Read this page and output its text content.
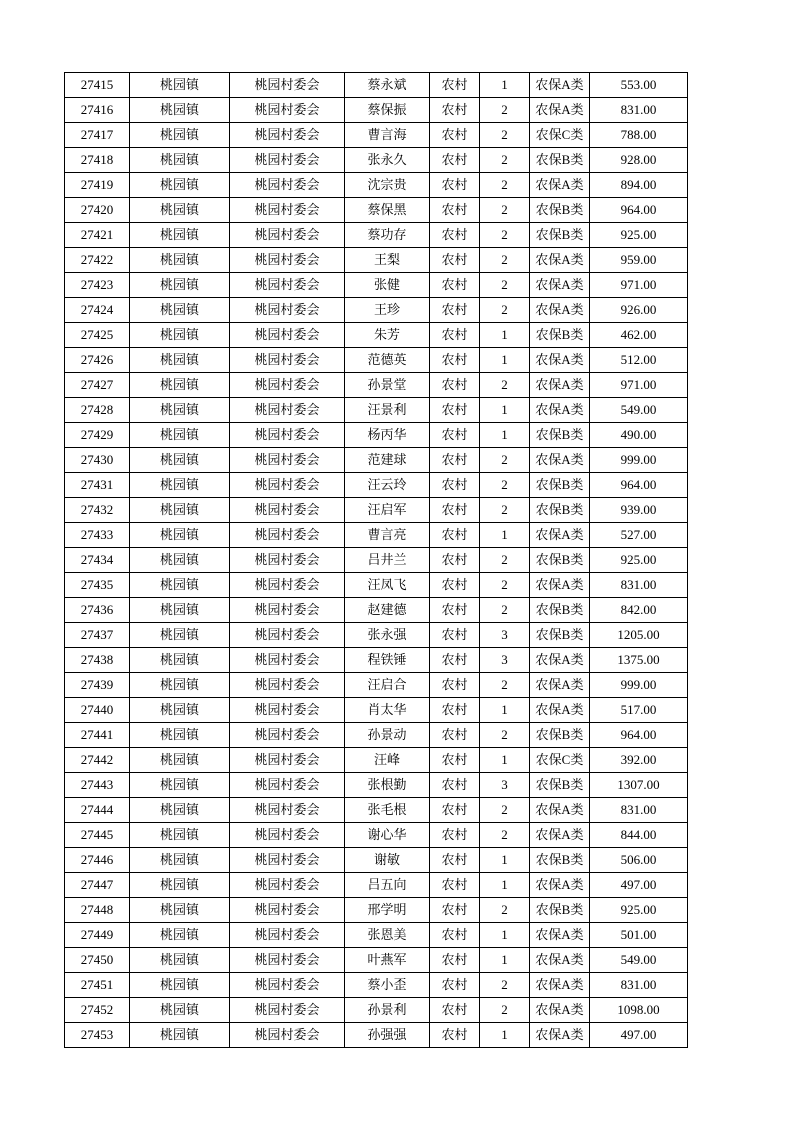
27415	桃园镇	桃园村委会	蔡永斌	农村	1	农保A类	553.00
27416	桃园镇	桃园村委会	蔡保振	农村	2	农保A类	831.00
27417	桃园镇	桃园村委会	曹言海	农村	2	农保C类	788.00
27418	桃园镇	桃园村委会	张永久	农村	2	农保B类	928.00
27419	桃园镇	桃园村委会	沈宗贵	农村	2	农保A类	894.00
27420	桃园镇	桃园村委会	蔡保黑	农村	2	农保B类	964.00
27421	桃园镇	桃园村委会	蔡功存	农村	2	农保B类	925.00
27422	桃园镇	桃园村委会	王梨	农村	2	农保A类	959.00
27423	桃园镇	桃园村委会	张健	农村	2	农保A类	971.00
27424	桃园镇	桃园村委会	王珍	农村	2	农保A类	926.00
27425	桃园镇	桃园村委会	朱芳	农村	1	农保B类	462.00
27426	桃园镇	桃园村委会	范德英	农村	1	农保A类	512.00
27427	桃园镇	桃园村委会	孙景堂	农村	2	农保A类	971.00
27428	桃园镇	桃园村委会	汪景利	农村	1	农保A类	549.00
27429	桃园镇	桃园村委会	杨丙华	农村	1	农保B类	490.00
27430	桃园镇	桃园村委会	范建球	农村	2	农保A类	999.00
27431	桃园镇	桃园村委会	汪云玲	农村	2	农保B类	964.00
27432	桃园镇	桃园村委会	汪启军	农村	2	农保B类	939.00
27433	桃园镇	桃园村委会	曹言亮	农村	1	农保A类	527.00
27434	桃园镇	桃园村委会	吕井兰	农村	2	农保B类	925.00
27435	桃园镇	桃园村委会	汪凤飞	农村	2	农保A类	831.00
27436	桃园镇	桃园村委会	赵建德	农村	2	农保B类	842.00
27437	桃园镇	桃园村委会	张永强	农村	3	农保B类	1205.00
27438	桃园镇	桃园村委会	程铁锤	农村	3	农保A类	1375.00
27439	桃园镇	桃园村委会	汪启合	农村	2	农保A类	999.00
27440	桃园镇	桃园村委会	肖太华	农村	1	农保A类	517.00
27441	桃园镇	桃园村委会	孙景动	农村	2	农保B类	964.00
27442	桃园镇	桃园村委会	汪峰	农村	1	农保C类	392.00
27443	桃园镇	桃园村委会	张根勤	农村	3	农保B类	1307.00
27444	桃园镇	桃园村委会	张毛根	农村	2	农保A类	831.00
27445	桃园镇	桃园村委会	谢心华	农村	2	农保A类	844.00
27446	桃园镇	桃园村委会	谢敏	农村	1	农保B类	506.00
27447	桃园镇	桃园村委会	吕五向	农村	1	农保A类	497.00
27448	桃园镇	桃园村委会	邢学明	农村	2	农保B类	925.00
27449	桃园镇	桃园村委会	张恩美	农村	1	农保A类	501.00
27450	桃园镇	桃园村委会	叶燕军	农村	1	农保A类	549.00
27451	桃园镇	桃园村委会	蔡小歪	农村	2	农保A类	831.00
27452	桃园镇	桃园村委会	孙景利	农村	2	农保A类	1098.00
27453	桃园镇	桃园村委会	孙强强	农村	1	农保A类	497.00
